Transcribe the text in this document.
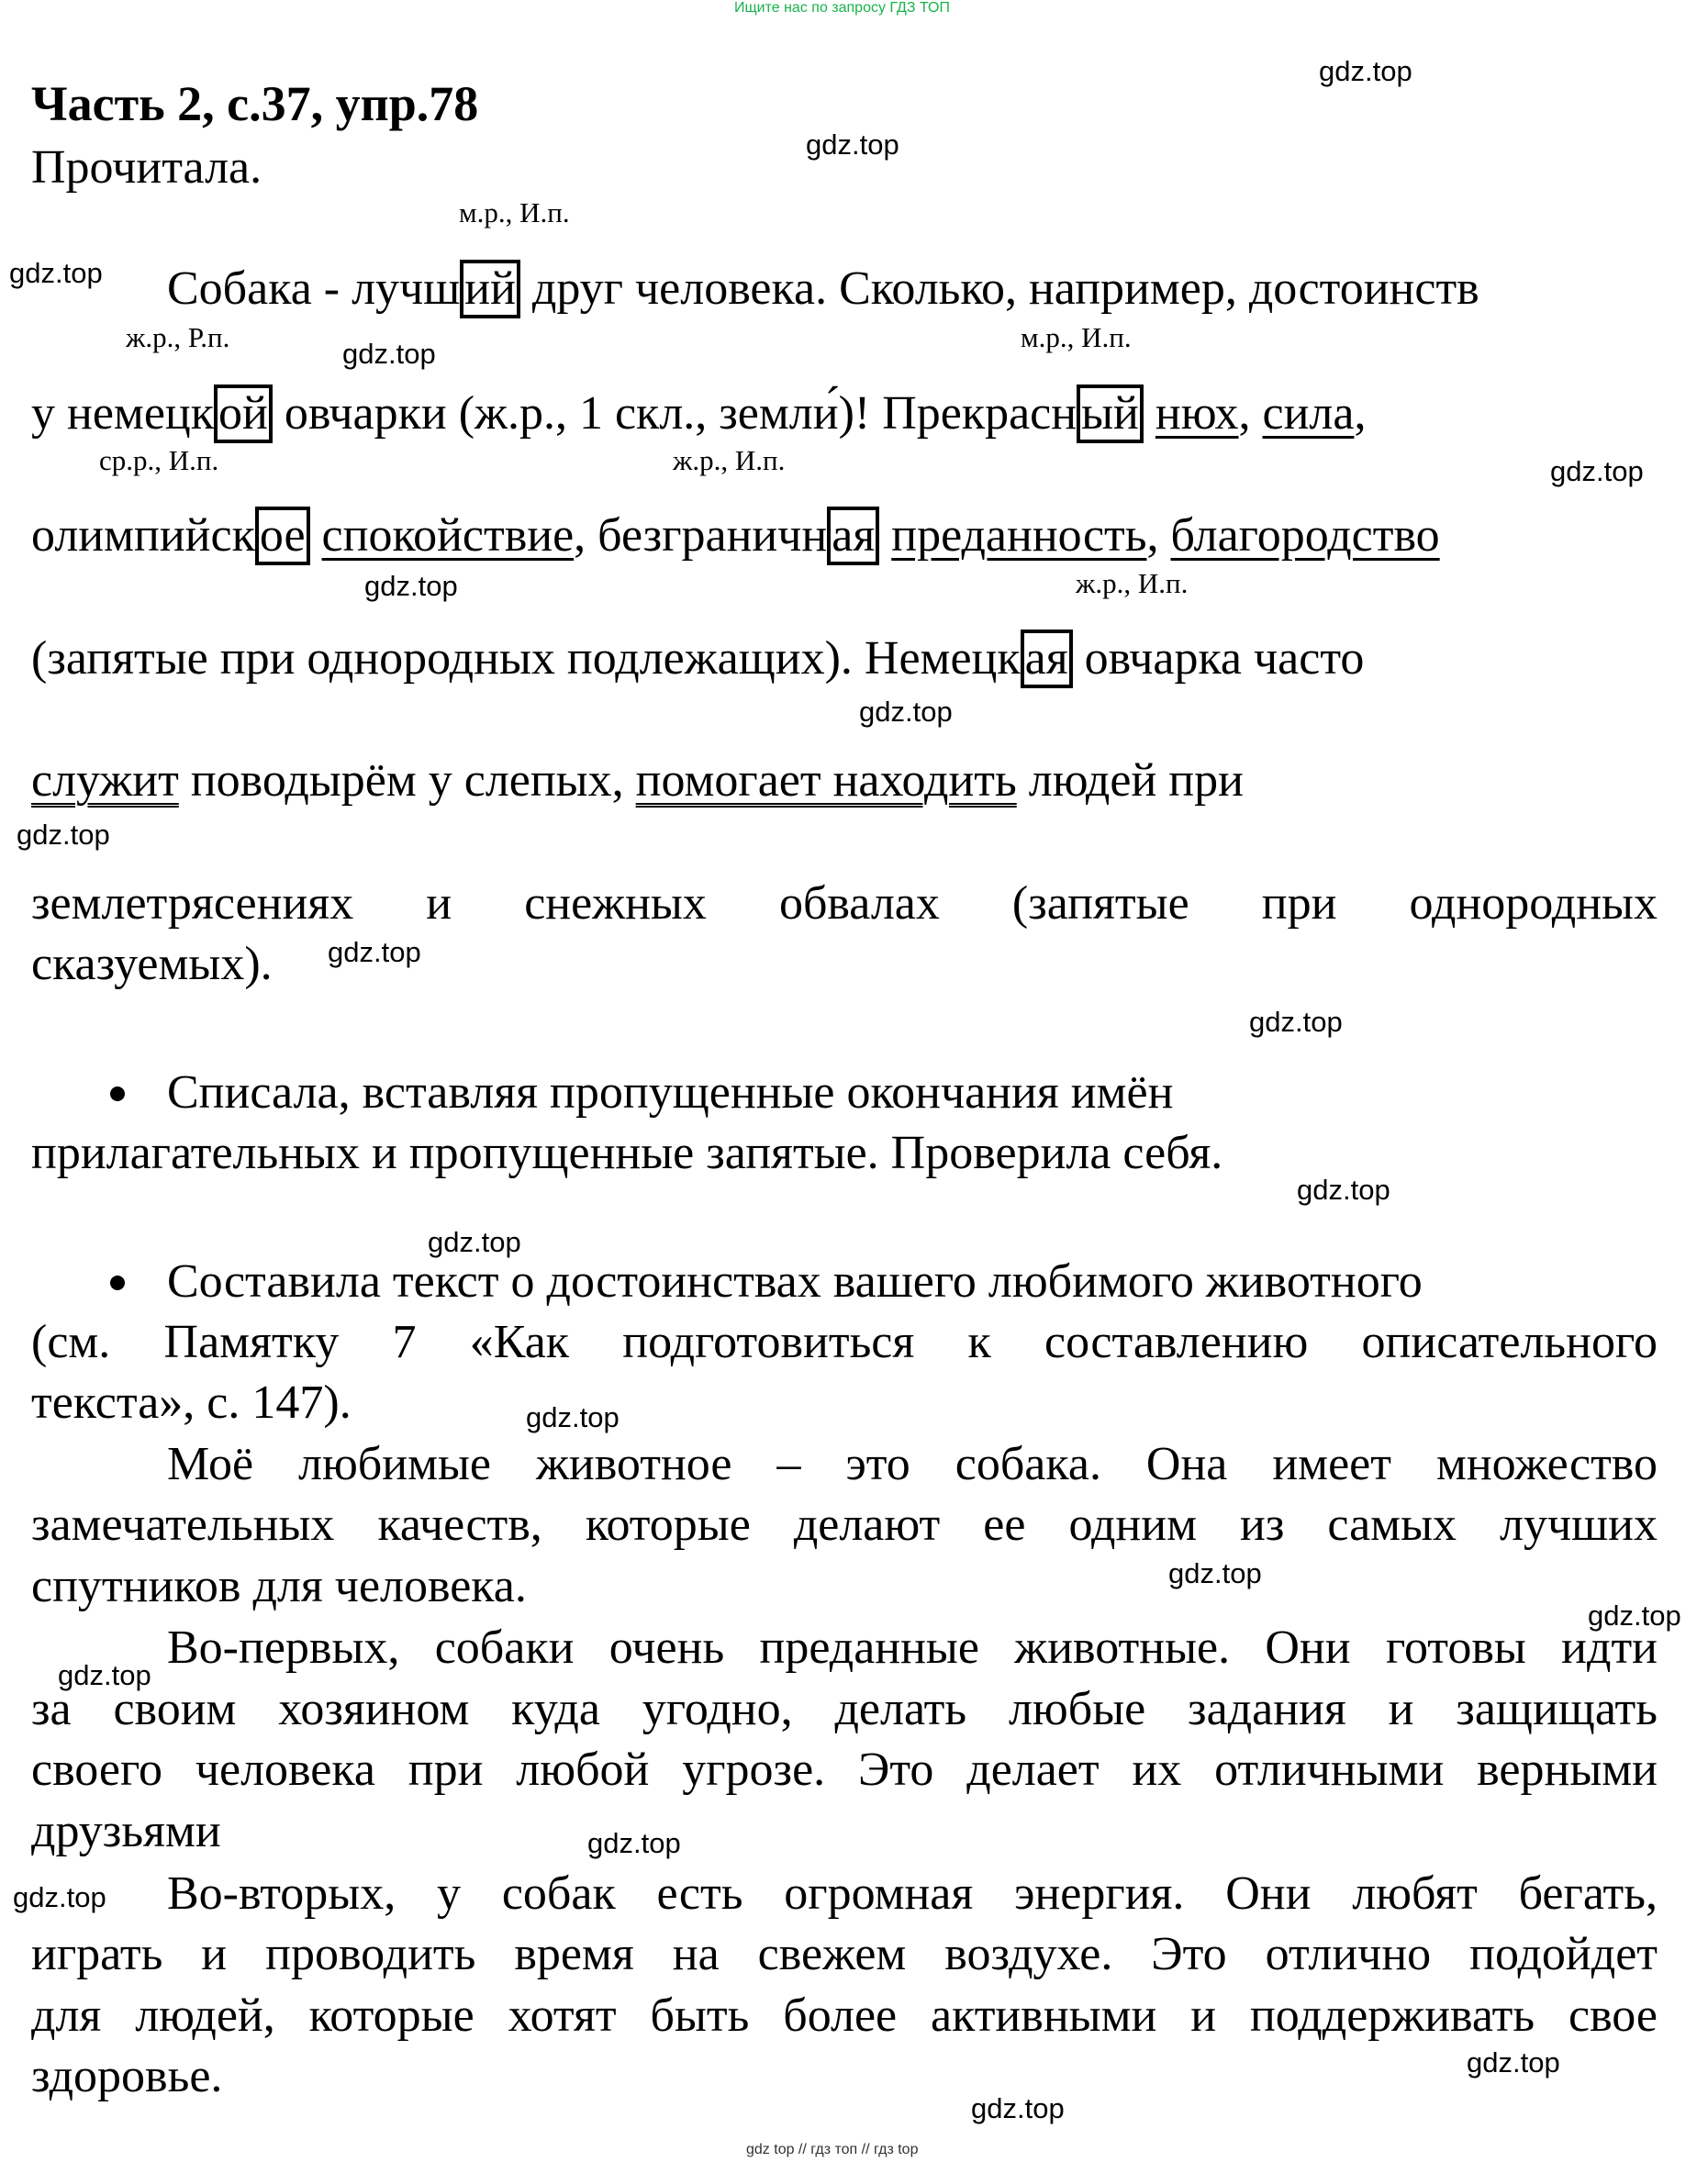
Ищите нас по запросу ГДЗ ТОП
Часть 2, с.37, упр.78
Прочитала.
м.р., И.п.
ж.р., Р.п.	м.р., И.п.
ср.р., И.п.	ж.р., И.п.
ж.р., И.п.
Собака - лучший друг человека. Сколько, например, достоинств
у немецкой овчарки (ж.р., 1 скл., земли́)! Прекрасный нюх, сила,
олимпийское спокойствие, безграничная преданность, благородство
(запятые при однородных подлежащих). Немецкая овчарка часто
служит поводырём у слепых, помогает находить людей при
землетрясениях и снежных обвалах (запятые при однородных
сказуемых).
Списала, вставляя пропущенные окончания имён
прилагательных и пропущенные запятые. Проверила себя.
Составила текст о достоинствах вашего любимого животного
(см. Памятку 7 «Как подготовиться к составлению описательного
текста», с. 147).
Моё любимые животное – это собака. Она имеет множество
замечательных качеств, которые делают ее одним из самых лучших
спутников для человека.
Во-первых, собаки очень преданные животные. Они готовы идти
за своим хозяином куда угодно, делать любые задания и защищать
своего человека при любой угрозе. Это делает их отличными верными
друзьями
Во-вторых, у собак есть огромная энергия. Они любят бегать,
играть и проводить время на свежем воздухе. Это отлично подойдет
для людей, которые хотят быть более активными и поддерживать свое
здоровье.
gdz.top
gdz.top
gdz.top
gdz.top
gdz.top
gdz.top
gdz.top
gdz.top
gdz.top
gdz.top
gdz.top
gdz.top
gdz.top
gdz.top
gdz.top
gdz.top
gdz.top
gdz.top
gdz.top
gdz.top
gdz top // гдз топ // гдз top
